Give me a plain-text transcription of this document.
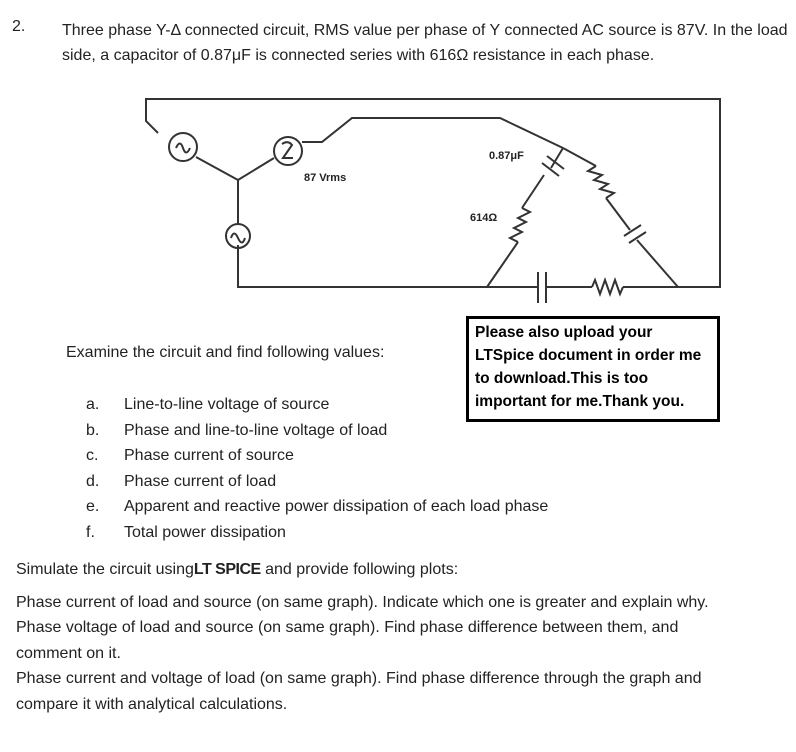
2. Three phase Y-Δ connected circuit, RMS value per phase of Y connected AC source is 87V. In the load side, a capacitor of 0.87μF is connected series with 616Ω resistance in each phase.
87 Vrms
0.87μF
614Ω
Please also upload your LTSpice document in order me to download.This is too important for me.Thank you.
Examine the circuit and find following values:
a.	Line-to-line voltage of source
b.	Phase and line-to-line voltage of load
c.	Phase current of source
d.	Phase current of load
e.	Apparent and reactive power dissipation of each load phase
f.	Total power dissipation
Simulate the circuit usingLT SPICE and provide following plots:

Phase current of load and source (on same graph). Indicate which one is greater and explain why.

Phase voltage of load and source (on same graph). Find phase difference between them, and comment on it.

Phase current and voltage of load (on same graph). Find phase difference through the graph and compare it with analytical calculations.
